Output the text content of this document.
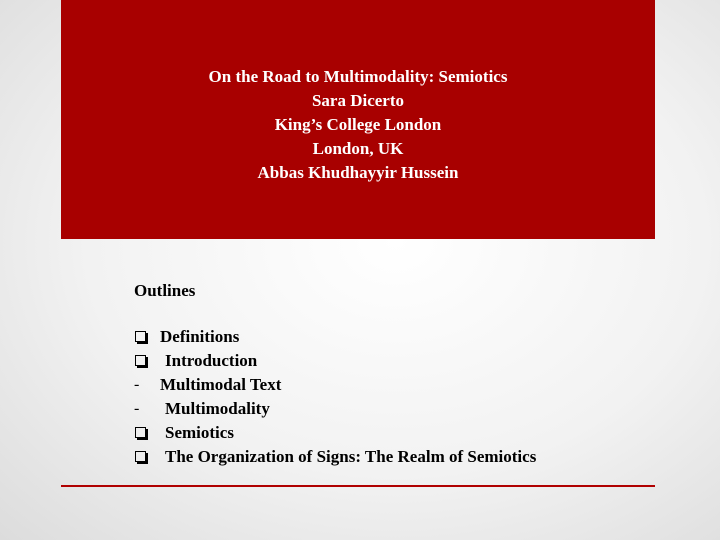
On the Road to Multimodality: Semiotics
Sara Dicerto
King’s College London
London, UK
Abbas Khudhayyir Hussein
Outlines
Definitions
Introduction
-	Multimodal Text
-	Multimodality
Semiotics
The Organization of Signs: The Realm of Semiotics
